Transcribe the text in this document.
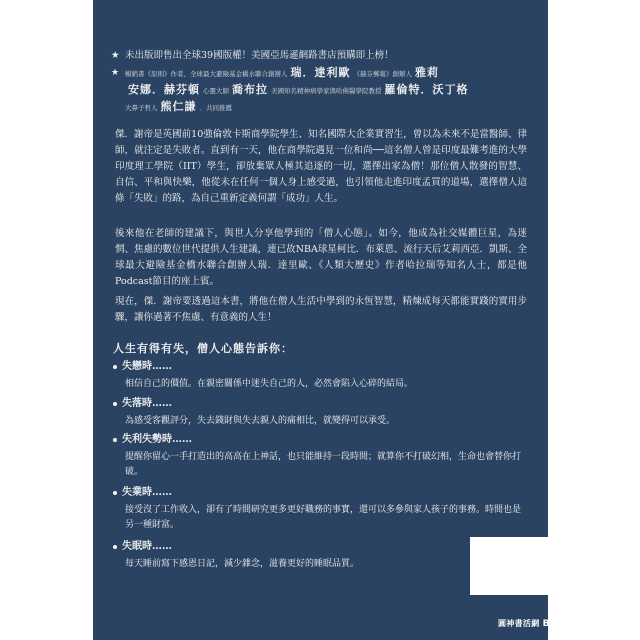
★ 未出版即售出全球39國版權！美國亞馬遜網路書店預購即上榜！
★ 暢銷書《原則》作者、全球最大避險基金橋水聯合創辦人 瑞．達利歐 《赫芬郵報》創辦人 雅莉
安娜．赫芬頓 心靈大師 喬布拉 美國知名精神病學家與哈佛醫學院教授 羅倫特．沃丁格
大鼻子哲人 熊仁謙 ．共同推薦

傑．謝帝是英國前10強倫敦卡斯商學院學生、知名國際大企業實習生，曾以為未來不是當醫師、律師，就注定是失敗者。直到有一天，他在商學院遇見一位和尚──這名僧人曾是印度最難考進的大學印度理工學院（IIT）學生，卻放棄眾人極其追逐的一切，選擇出家為僧！那位僧人散發的智慧、自信、平和與快樂，他從未在任何一個人身上感受過，也引領他走進印度孟買的道場，選擇僧人這條「失敗」的路，為自己重新定義何謂「成功」人生。

後來他在老師的建議下，與世人分享他學到的「僧人心態」。如今，他成為社交媒體巨星，為迷惘、焦慮的數位世代提供人生建議，連已故NBA球星柯比．布萊恩、流行天后艾莉西亞．凱斯、全球最大避險基金橋水聯合創辦人瑞．達里歐、《人類大歷史》作者哈拉瑞等知名人士，都是他Podcast節目的座上賓。

現在，傑．謝帝要透過這本書，將他在僧人生活中學到的永恆智慧，精煉成每天都能實踐的實用步驟，讓你過著不焦慮、有意義的人生！

人生有得有失，僧人心態告訴你：
失戀時……

相信自己的價值。在親密關係中迷失自己的人，必然會陷入心碎的結局。

失落時……

為感受客觀評分，失去錢財與失去親人的痛相比，就變得可以承受。

失利失勢時……

提醒你留心一手打造出的高高在上神話，也只能維持一段時間；就算你不打破幻相，生命也會替你打破。

失業時……

接受沒了工作收入，卻有了時間研究更多更好職務的事實，還可以多參與家人孩子的事務。時間也是另一種財富。

失眠時……

每天睡前寫下感恩日記，減少雜念，滋養更好的睡眠品質。

圓神書活網 BOOKLIFE
